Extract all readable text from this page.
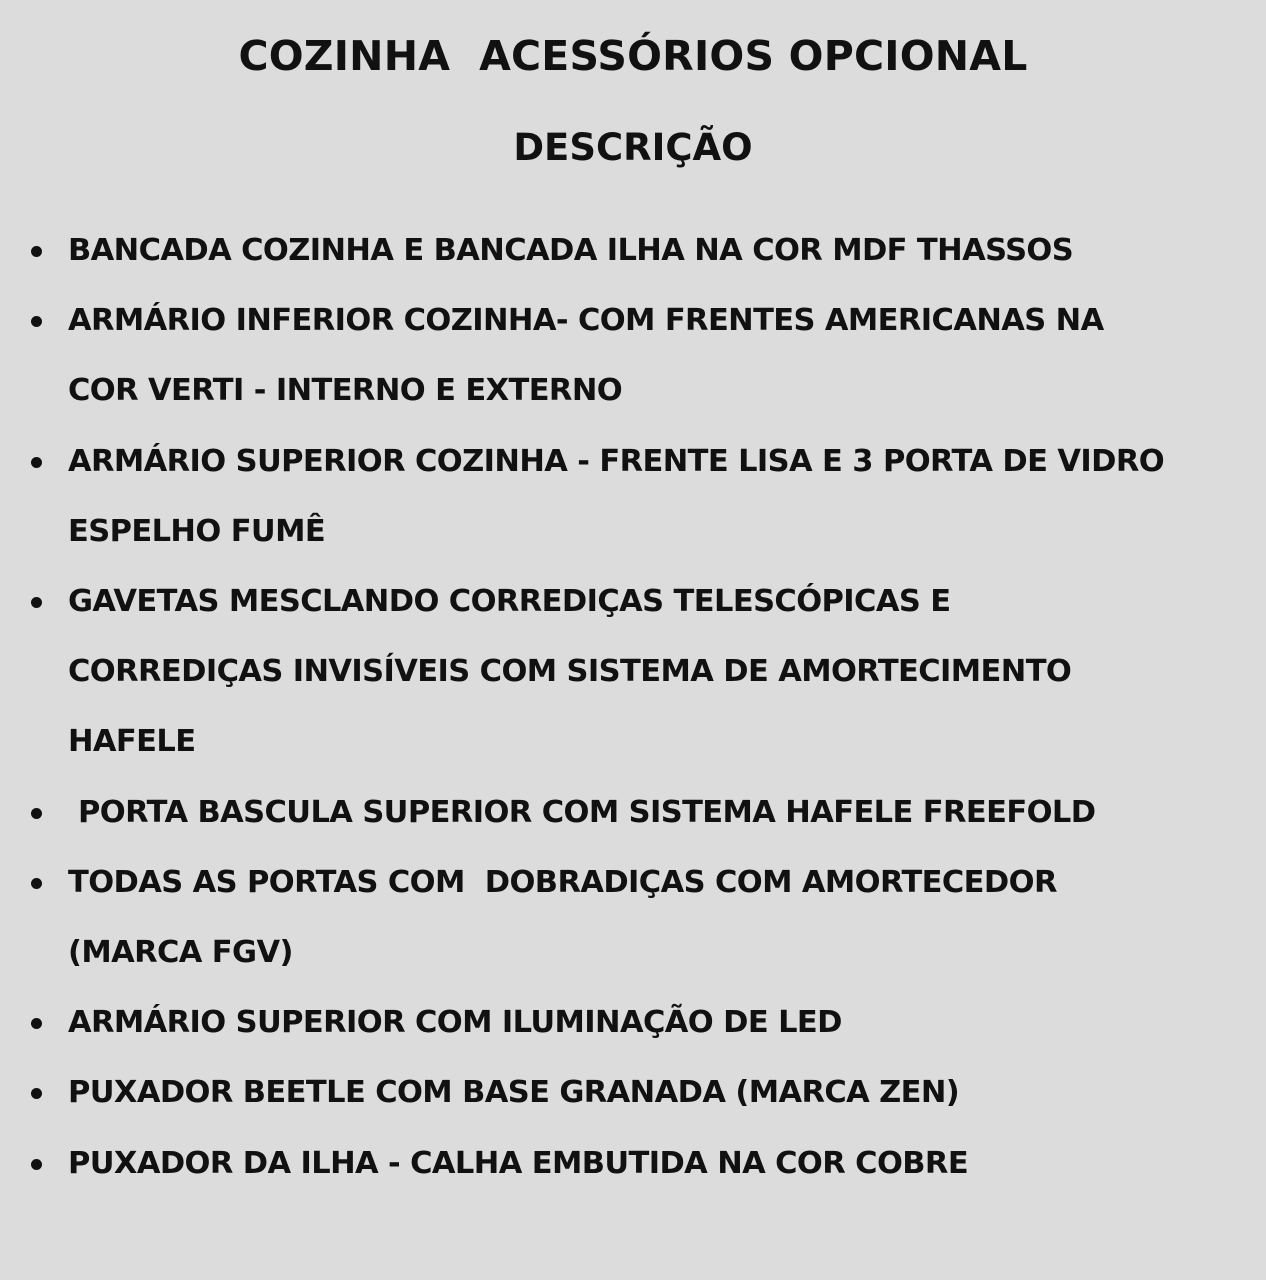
COZINHA  ACESSÓRIOS OPCIONAL
DESCRIÇÃO
BANCADA COZINHA E BANCADA ILHA NA COR MDF THASSOS
ARMÁRIO INFERIOR COZINHA- COM FRENTES AMERICANAS NA
COR VERTI - INTERNO E EXTERNO
ARMÁRIO SUPERIOR COZINHA - FRENTE LISA E 3 PORTA DE VIDRO
ESPELHO FUMÊ
GAVETAS MESCLANDO CORREDIÇAS TELESCÓPICAS E
CORREDIÇAS INVISÍVEIS COM SISTEMA DE AMORTECIMENTO
HAFELE
PORTA BASCULA SUPERIOR COM SISTEMA HAFELE FREEFOLD
TODAS AS PORTAS COM  DOBRADIÇAS COM AMORTECEDOR
(MARCA FGV)
ARMÁRIO SUPERIOR COM ILUMINAÇÃO DE LED
PUXADOR BEETLE COM BASE GRANADA (MARCA ZEN)
PUXADOR DA ILHA - CALHA EMBUTIDA NA COR COBRE
